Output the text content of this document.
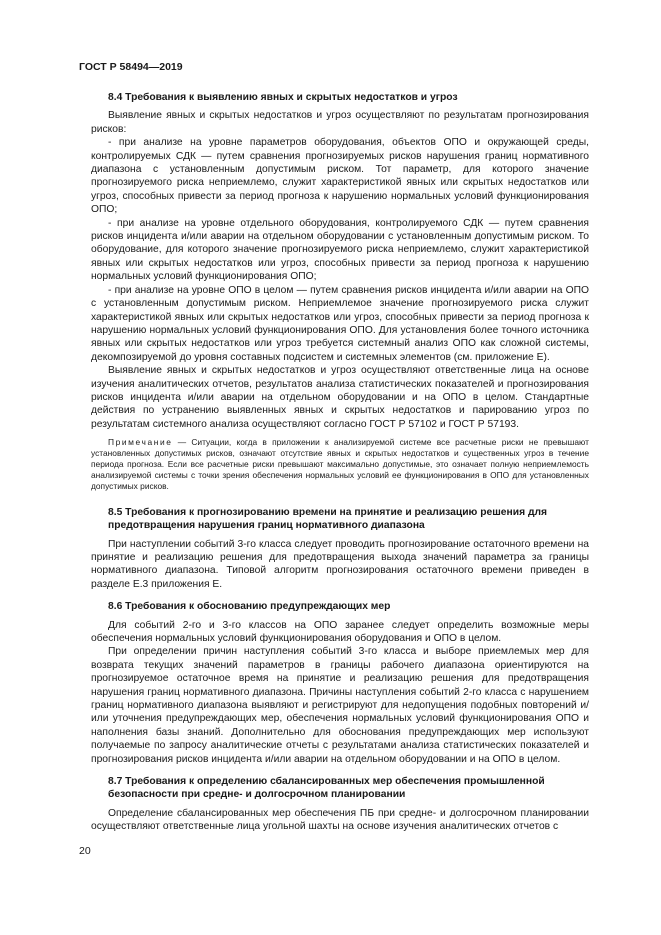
ГОСТ Р 58494—2019
8.4 Требования к выявлению явных и скрытых недостатков и угроз

Выявление явных и скрытых недостатков и угроз осуществляют по результатам прогнозирования рисков:

- при анализе на уровне параметров оборудования, объектов ОПО и окружающей среды, контролируемых СДК — путем сравнения прогнозируемых рисков нарушения границ нормативного диапазона с установленным допустимым риском. Тот параметр, для которого значение прогнозируемого риска неприемлемо, служит характеристикой явных или скрытых недостатков или угроз, способных привести за период прогноза к нарушению нормальных условий функционирования ОПО;

- при анализе на уровне отдельного оборудования, контролируемого СДК — путем сравнения рисков инцидента и/или аварии на отдельном оборудовании с установленным допустимым риском. То оборудование, для которого значение прогнозируемого риска неприемлемо, служит характеристикой явных или скрытых недостатков или угроз, способных привести за период прогноза к нарушению нормальных условий функционирования ОПО;

- при анализе на уровне ОПО в целом — путем сравнения рисков инцидента и/или аварии на ОПО с установленным допустимым риском. Неприемлемое значение прогнозируемого риска служит характеристикой явных или скрытых недостатков или угроз, способных привести за период прогноза к нарушению нормальных условий функционирования ОПО. Для установления более точного источника явных или скрытых недостатков или угроз требуется системный анализ ОПО как сложной системы, декомпозируемой до уровня составных подсистем и системных элементов (см. приложение Е).

Выявление явных и скрытых недостатков и угроз осуществляют ответственные лица на основе изучения аналитических отчетов, результатов анализа статистических показателей и прогнозирования рисков инцидента и/или аварии на отдельном оборудовании и на ОПО в целом. Стандартные действия по устранению выявленных явных и скрытых недостатков и парированию угроз по результатам системного анализа осуществляют согласно ГОСТ Р 57102 и ГОСТ Р 57193.

Примечание — Ситуации, когда в приложении к анализируемой системе все расчетные риски не превышают установленных допустимых рисков, означают отсутствие явных и скрытых недостатков и существенных угроз в течение периода прогноза. Если все расчетные риски превышают максимально допустимые, это означает полную неприемлемость анализируемой системы с точки зрения обеспечения нормальных условий ее функционирования в ОПО для установленных допустимых рисков.

8.5 Требования к прогнозированию времени на принятие и реализацию решения для предотвращения нарушения границ нормативного диапазона

При наступлении событий 3-го класса следует проводить прогнозирование остаточного времени на принятие и реализацию решения для предотвращения выхода значений параметра за границы нормативного диапазона. Типовой алгоритм прогнозирования остаточного времени приведен в разделе Е.3 приложения Е.

8.6 Требования к обоснованию предупреждающих мер

Для событий 2-го и 3-го классов на ОПО заранее следует определить возможные меры обеспечения нормальных условий функционирования оборудования и ОПО в целом.

При определении причин наступления событий 3-го класса и выборе приемлемых мер для возврата текущих значений параметров в границы рабочего диапазона ориентируются на прогнозируемое остаточное время на принятие и реализацию решения для предотвращения нарушения границ нормативного диапазона. Причины наступления событий 2-го класса с нарушением границ нормативного диапазона выявляют и регистрируют для недопущения подобных повторений и/или уточнения предупреждающих мер, обеспечения нормальных условий функционирования ОПО и наполнения базы знаний. Дополнительно для обоснования предупреждающих мер используют получаемые по запросу аналитические отчеты с результатами анализа статистических показателей и прогнозирования рисков инцидента и/или аварии на отдельном оборудовании и на ОПО в целом.

8.7 Требования к определению сбалансированных мер обеспечения промышленной безопасности при средне- и долгосрочном планировании

Определение сбалансированных мер обеспечения ПБ при средне- и долгосрочном планировании осуществляют ответственные лица угольной шахты на основе изучения аналитических отчетов с

20
